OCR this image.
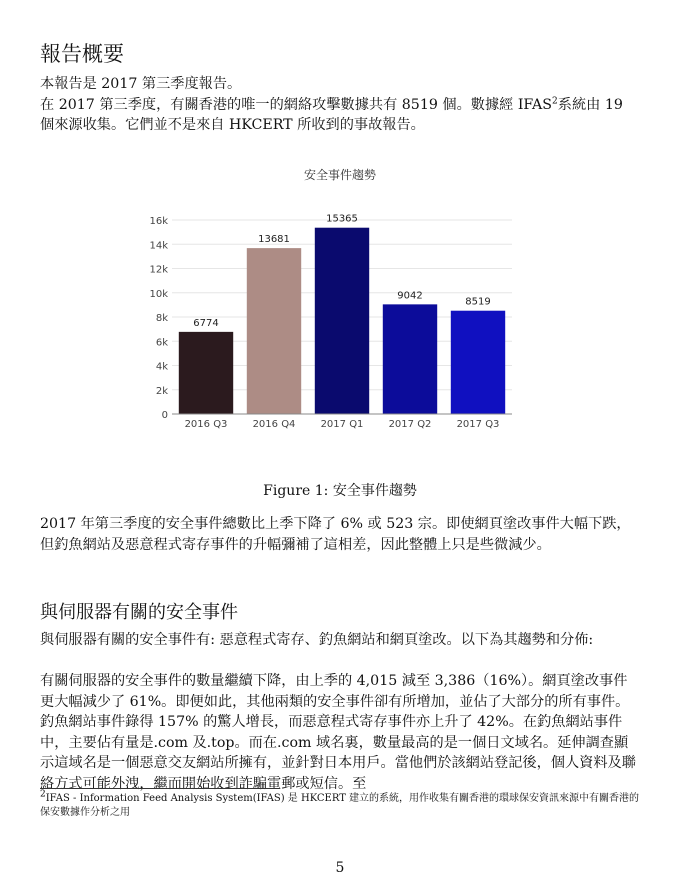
報告概要

本報告是 2017 第三季度報告。

在 2017 第三季度，有關香港的唯一的網絡攻擊數據共有 8519 個。數據經 IFAS$^2$系統由 19 個來源收集。它們並不是來自 HKCERT 所收到的事故報告。

安全事件趨勢
0
2k
4k
6k
8k
10k
12k
14k
16k
6774
2016 Q3
13681
2016 Q4
15365
2017 Q1
9042
2017 Q2
8519
2017 Q3
Figure 1: 安全事件趨勢

2017 年第三季度的安全事件總數比上季下降了 6% 或 523 宗。即使網頁塗改事件大幅下跌，但釣魚網站及惡意程式寄存事件的升幅彌補了這相差，因此整體上只是些微減少。

與伺服器有關的安全事件

與伺服器有關的安全事件有: 惡意程式寄存、釣魚網站和網頁塗改。以下為其趨勢和分佈:

有關伺服器的安全事件的數量繼續下降，由上季的 4,015 減至 3,386（16%）。網頁塗改事件更大幅減少了 61%。即便如此，其他兩類的安全事件卻有所增加，並佔了大部分的所有事件。釣魚網站事件錄得 157% 的驚人增長，而惡意程式寄存事件亦上升了 42%。在釣魚網站事件中，主要佔有量是.com 及.top。而在.com 域名裏，數量最高的是一個日文域名。延伸調查顯示這域名是一個惡意交友網站所擁有，並針對日本用戶。當他們於該網站登記後，個人資料及聯絡方式可能外洩，繼而開始收到詐騙電郵或短信。至

$^2$IFAS - Information Feed Analysis System(IFAS) 是 HKCERT 建立的系統，用作收集有關香港的環球保安資訊來源中有關香港的保安數據作分析之用
5
